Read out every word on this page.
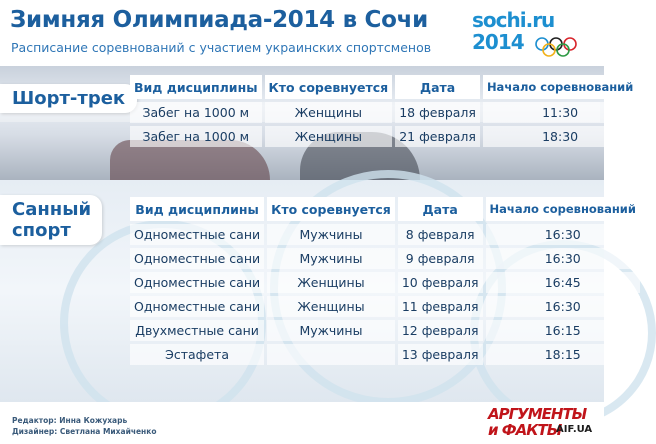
Зимняя Олимпиада-2014 в Сочи
Расписание соревнований с участием украинских спортсменов
sochi.ru
2014
Шорт-трек
Вид дисциплины	Кто соревнуется	Дата	Начало соревнований
Забег на 1000 м	Женщины	18 февраля	11:30
Забег на 1000 м	Женщины	21 февраля	18:30
Санный спорт
Вид дисциплины	Кто соревнуется	Дата	Начало соревнований
Одноместные сани	Мужчины	8 февраля	16:30
Одноместные сани	Мужчины	9 февраля	16:30
Одноместные сани	Женщины	10 февраля	16:45
Одноместные сани	Женщины	11 февраля	16:30
Двухместные сани	Мужчины	12 февраля	16:15
Эстафета		13 февраля	18:15
Редактор: Инна Кожухарь
Дизайнер: Светлана Михайченко
АРГУМЕНТЫ
и ФАКТЫ
AIF.UA
